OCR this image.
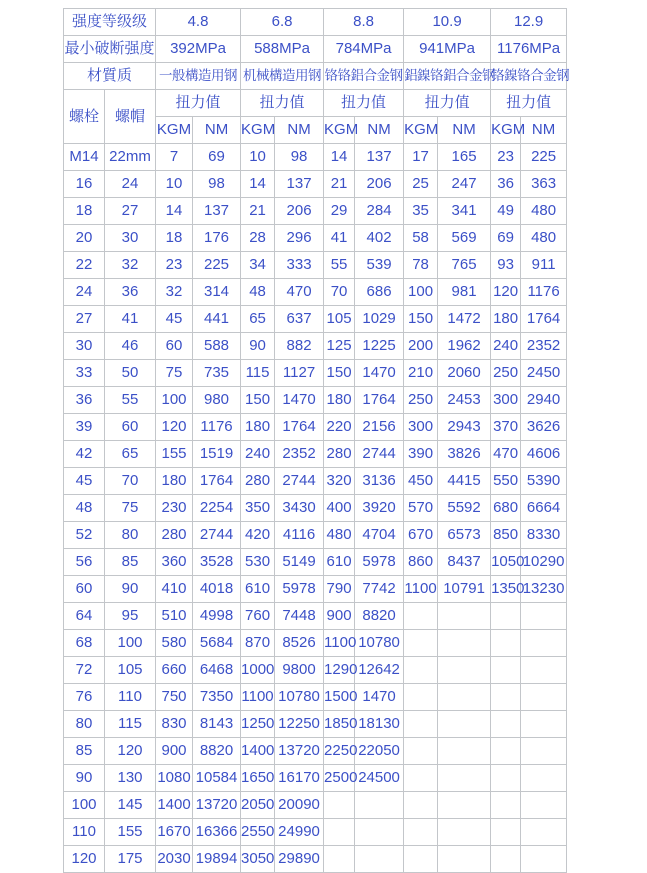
强度等级级		4.8		6.8		8.8		10.9		12.9	
最小破断强度		392MPa		588MPa		784MPa		941MPa		1176MPa	
材質质		一般構造用钢		机械構造用钢		铬铬鋁合金钢		鋁鎳铬鋁合金钢		铬鎳铬合金钢	
螺栓	螺帽	扭力值		扭力值		扭力值		扭力值		扭力值	
		KGM	NM	KGM	NM	KGM	NM	KGM	NM	KGM	NM
M14	22mm	7	69	10	98	14	137	17	165	23	225
16	24	10	98	14	137	21	206	25	247	36	363
18	27	14	137	21	206	29	284	35	341	49	480
20	30	18	176	28	296	41	402	58	569	69	480
22	32	23	225	34	333	55	539	78	765	93	911
24	36	32	314	48	470	70	686	100	981	120	1176
27	41	45	441	65	637	105	1029	150	1472	180	1764
30	46	60	588	90	882	125	1225	200	1962	240	2352
33	50	75	735	115	1127	150	1470	210	2060	250	2450
36	55	100	980	150	1470	180	1764	250	2453	300	2940
39	60	120	1176	180	1764	220	2156	300	2943	370	3626
42	65	155	1519	240	2352	280	2744	390	3826	470	4606
45	70	180	1764	280	2744	320	3136	450	4415	550	5390
48	75	230	2254	350	3430	400	3920	570	5592	680	6664
52	80	280	2744	420	4116	480	4704	670	6573	850	8330
56	85	360	3528	530	5149	610	5978	860	8437	1050	10290
60	90	410	4018	610	5978	790	7742	1100	10791	1350	13230
64	95	510	4998	760	7448	900	8820				
68	100	580	5684	870	8526	1100	10780				
72	105	660	6468	1000	9800	1290	12642				
76	110	750	7350	1100	10780	1500	1470				
80	115	830	8143	1250	12250	1850	18130				
85	120	900	8820	1400	13720	2250	22050				
90	130	1080	10584	1650	16170	2500	24500				
100	145	1400	13720	2050	20090						
110	155	1670	16366	2550	24990						
120	175	2030	19894	3050	29890						
